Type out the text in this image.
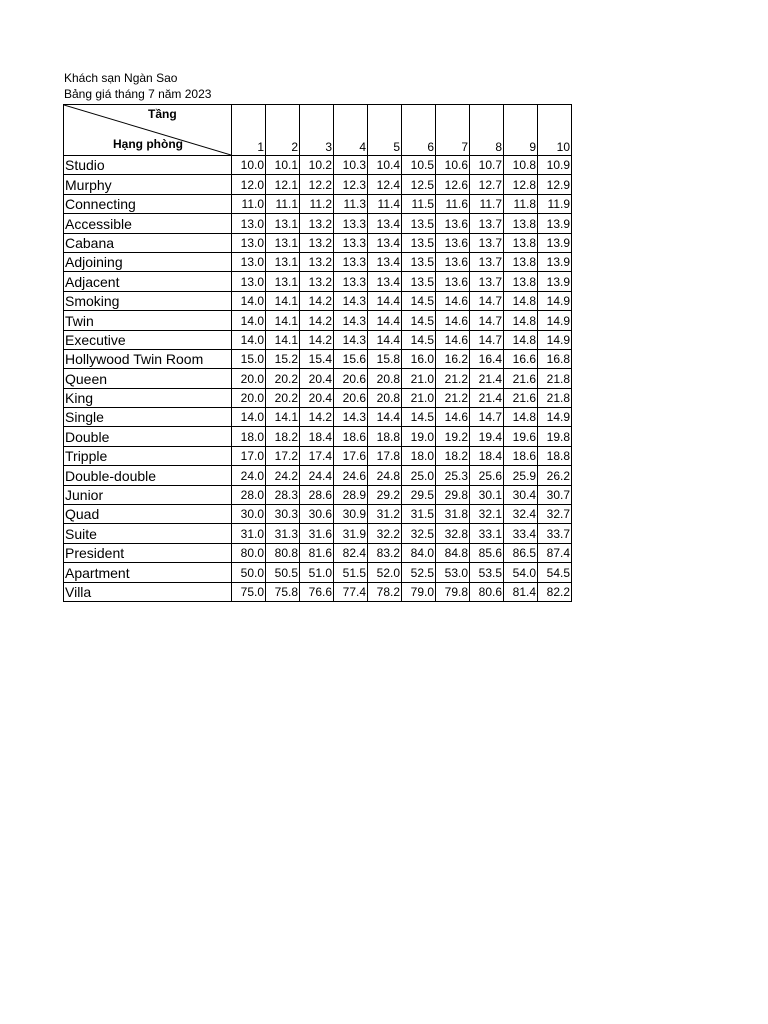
Khách sạn Ngàn Sao
Bảng giá tháng 7 năm 2023
Tầng
Hạng phòng	1	2	3	4	5	6	7	8	9	10
Studio	10.0	10.1	10.2	10.3	10.4	10.5	10.6	10.7	10.8	10.9
Murphy	12.0	12.1	12.2	12.3	12.4	12.5	12.6	12.7	12.8	12.9
Connecting	11.0	11.1	11.2	11.3	11.4	11.5	11.6	11.7	11.8	11.9
Accessible	13.0	13.1	13.2	13.3	13.4	13.5	13.6	13.7	13.8	13.9
Cabana	13.0	13.1	13.2	13.3	13.4	13.5	13.6	13.7	13.8	13.9
Adjoining	13.0	13.1	13.2	13.3	13.4	13.5	13.6	13.7	13.8	13.9
Adjacent	13.0	13.1	13.2	13.3	13.4	13.5	13.6	13.7	13.8	13.9
Smoking	14.0	14.1	14.2	14.3	14.4	14.5	14.6	14.7	14.8	14.9
Twin	14.0	14.1	14.2	14.3	14.4	14.5	14.6	14.7	14.8	14.9
Executive	14.0	14.1	14.2	14.3	14.4	14.5	14.6	14.7	14.8	14.9
Hollywood Twin Room	15.0	15.2	15.4	15.6	15.8	16.0	16.2	16.4	16.6	16.8
Queen	20.0	20.2	20.4	20.6	20.8	21.0	21.2	21.4	21.6	21.8
King	20.0	20.2	20.4	20.6	20.8	21.0	21.2	21.4	21.6	21.8
Single	14.0	14.1	14.2	14.3	14.4	14.5	14.6	14.7	14.8	14.9
Double	18.0	18.2	18.4	18.6	18.8	19.0	19.2	19.4	19.6	19.8
Tripple	17.0	17.2	17.4	17.6	17.8	18.0	18.2	18.4	18.6	18.8
Double-double	24.0	24.2	24.4	24.6	24.8	25.0	25.3	25.6	25.9	26.2
Junior	28.0	28.3	28.6	28.9	29.2	29.5	29.8	30.1	30.4	30.7
Quad	30.0	30.3	30.6	30.9	31.2	31.5	31.8	32.1	32.4	32.7
Suite	31.0	31.3	31.6	31.9	32.2	32.5	32.8	33.1	33.4	33.7
President	80.0	80.8	81.6	82.4	83.2	84.0	84.8	85.6	86.5	87.4
Apartment	50.0	50.5	51.0	51.5	52.0	52.5	53.0	53.5	54.0	54.5
Villa	75.0	75.8	76.6	77.4	78.2	79.0	79.8	80.6	81.4	82.2
